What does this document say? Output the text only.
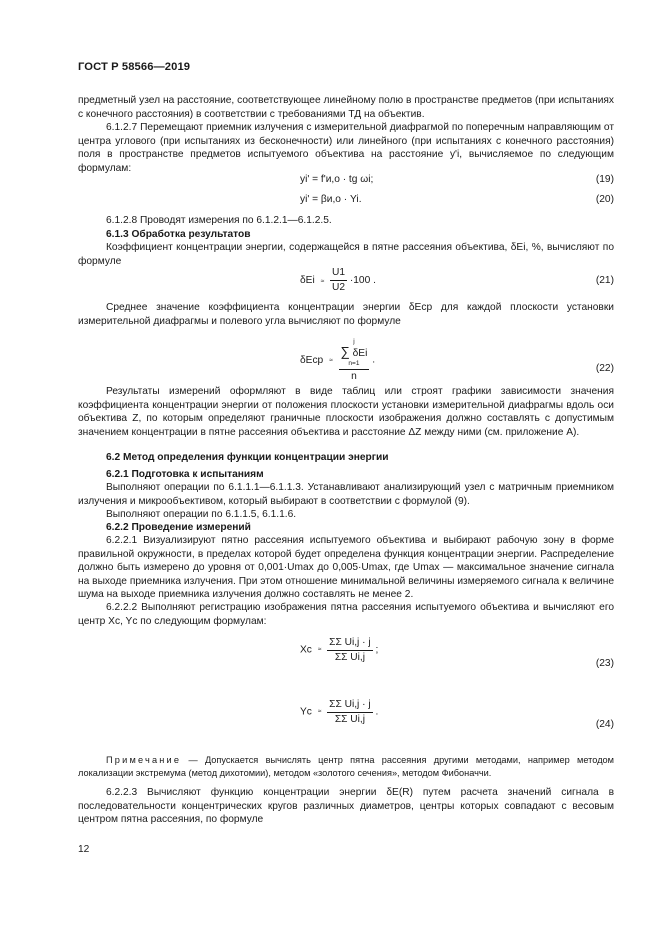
ГОСТ Р 58566—2019
предметный узел на расстояние, соответствующее линейному полю в пространстве предметов (при испытаниях с конечного расстояния) в соответствии с требованиями ТД на объектив.
6.1.2.7 Перемещают приемник излучения с измерительной диафрагмой по поперечным направляющим от центра углового (при испытаниях из бесконечности) или линейного (при испытаниях с конечного расстояния) поля в пространстве предметов испытуемого объектива на расстояние y'i, вычисляемое по следующим формулам:
yi' = f'и,о · tg ωi;	(19)
yi' = βи,о · Yi.	(20)
6.1.2.8 Проводят измерения по 6.1.2.1—6.1.2.5.
6.1.3 Обработка результатов
Коэффициент концентрации энергии, содержащейся в пятне рассеяния объектива, δEi, %, вычисляют по формуле
$\delta Ei \approx \frac{U1}{U2} \cdot 100$ .	(21)
Среднее значение коэффициента концентрации энергии δEср для каждой плоскости установки измерительной диафрагмы и полевого угла вычисляют по формуле
δEср ≈ j
∑ δEi
n=1
n .
(22)
Результаты измерений оформляют в виде таблиц или строят графики зависимости значения коэффициента концентрации энергии от положения плоскости установки измерительной диафрагмы вдоль оси объектива Z, по которым определяют граничные плоскости изображения должно составлять с допустимым значением концентрации в пятне рассеяния объектива и расстояние ΔZ между ними (см. приложение А).
6.2 Метод определения функции концентрации энергии
6.2.1 Подготовка к испытаниям
Выполняют операции по 6.1.1.1—6.1.1.3. Устанавливают анализирующий узел с матричным приемником излучения и микрообъективом, который выбирают в соответствии с формулой (9).
Выполняют операции по 6.1.1.5, 6.1.1.6.
6.2.2 Проведение измерений
6.2.2.1 Визуализируют пятно рассеяния испытуемого объектива и выбирают рабочую зону в форме правильной окружности, в пределах которой будет определена функция концентрации энергии. Распределение должно быть измерено до уровня от 0,001·Umax до 0,005·Umax, где Umax — максимальное значение сигнала на выходе приемника излучения. При этом отношение минимальной величины измеряемого сигнала к величине шума на выходе приемника излучения должно составлять не менее 2.
6.2.2.2 Выполняют регистрацию изображения пятна рассеяния испытуемого объектива и вычисляют его центр Xc, Yc по следующим формулам:
$Xc \approx \frac{\text{ΣΣ Ui,j · j}}{\text{ΣΣ Ui,j}}$ ;
(23)
$Yc \approx \frac{\text{ΣΣ Ui,j · j}}{\text{ΣΣ Ui,j}}$ .
(24)
Примечание — Допускается вычислять центр пятна рассеяния другими методами, например методом локализации экстремума (метод дихотомии), методом «золотого сечения», методом Фибоначчи.
6.2.2.3 Вычисляют функцию концентрации энергии δE(R) путем расчета значений сигнала в последовательности концентрических кругов различных диаметров, центры которых совпадают с весовым центром пятна рассеяния, по формуле
12
